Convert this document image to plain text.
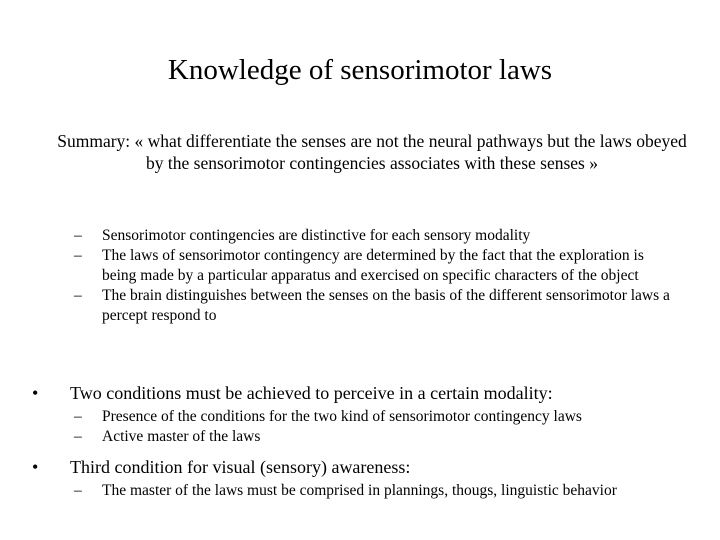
Knowledge of sensorimotor laws
Summary: « what differentiate the senses are not the neural pathways but the laws obeyed by the sensorimotor contingencies associates with these senses »
– Sensorimotor contingencies are distinctive for each sensory modality
– The laws of sensorimotor contingency are determined by the fact that the exploration is being made by a particular apparatus and exercised on specific characters of the object
– The brain distinguishes between the senses on the basis of the different sensorimotor laws a percept respond to
• Two conditions must be achieved to perceive in a certain modality:
– Presence of the conditions for the two kind of sensorimotor contingency laws
– Active master of the laws
• Third condition for visual (sensory) awareness:
– The master of the laws must be comprised in plannings, thougs, linguistic behavior
